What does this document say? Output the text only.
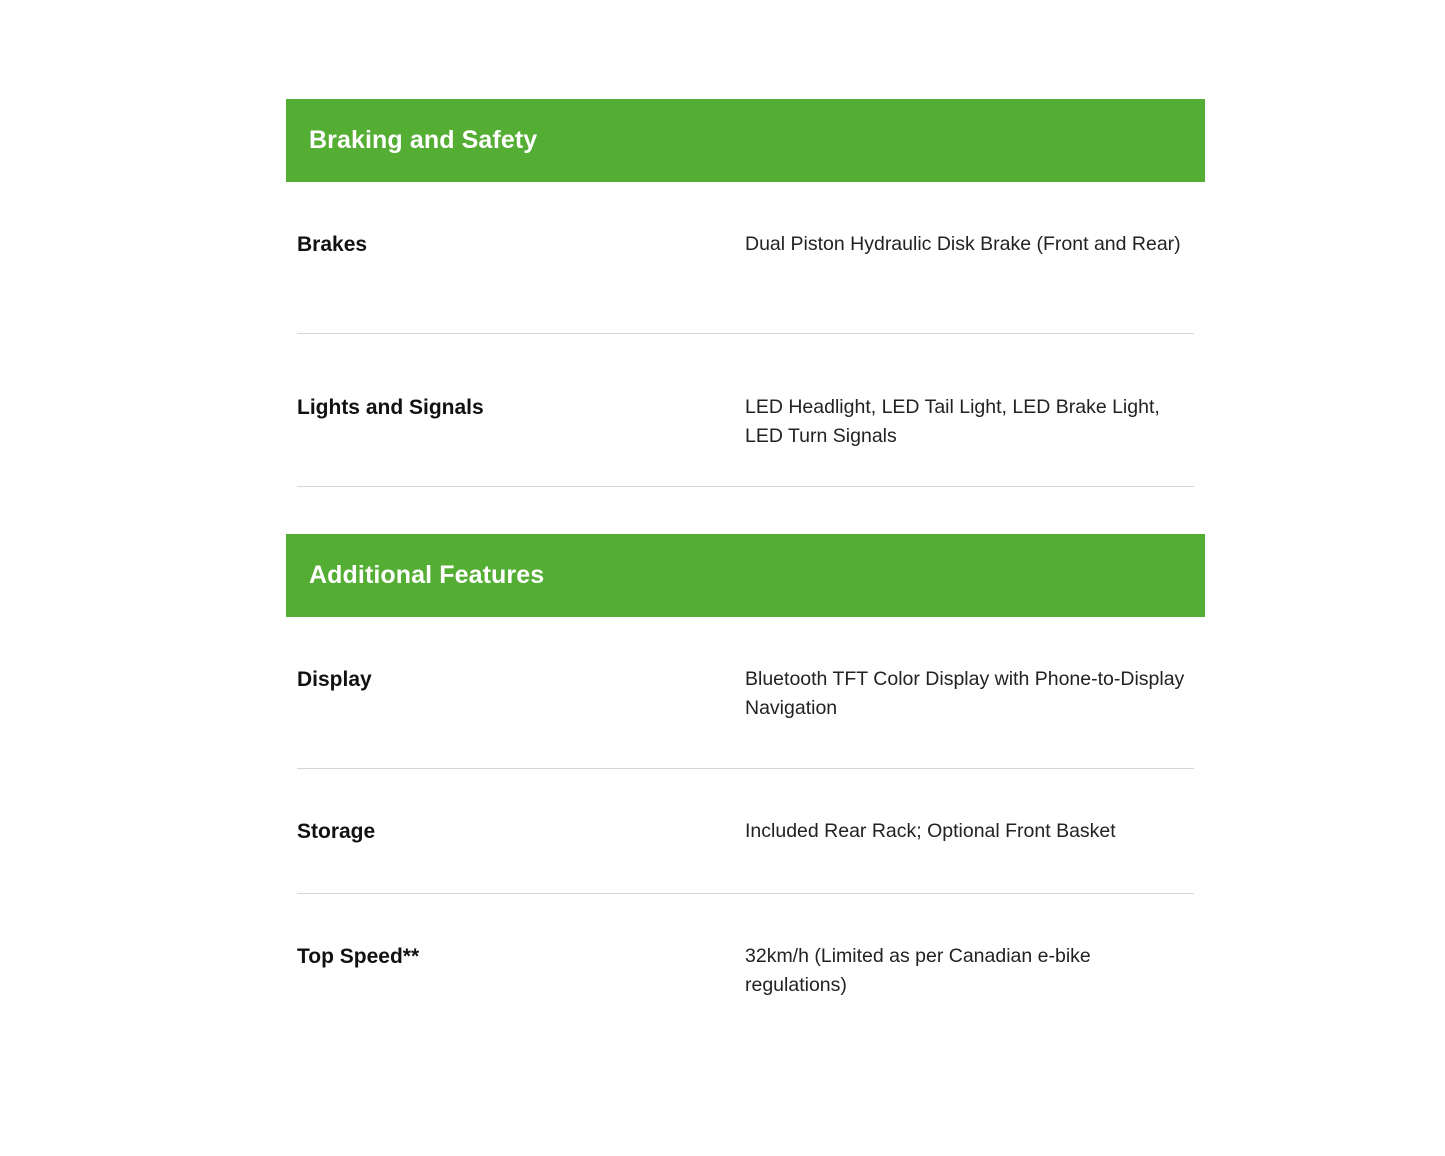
Braking and Safety
Brakes	Dual Piston Hydraulic Disk Brake (Front and Rear)
Lights and Signals	LED Headlight, LED Tail Light, LED Brake Light, LED Turn Signals
Additional Features
Display	Bluetooth TFT Color Display with Phone-to-Display Navigation
Storage	Included Rear Rack; Optional Front Basket
Top Speed**	32km/h (Limited as per Canadian e-bike regulations)
